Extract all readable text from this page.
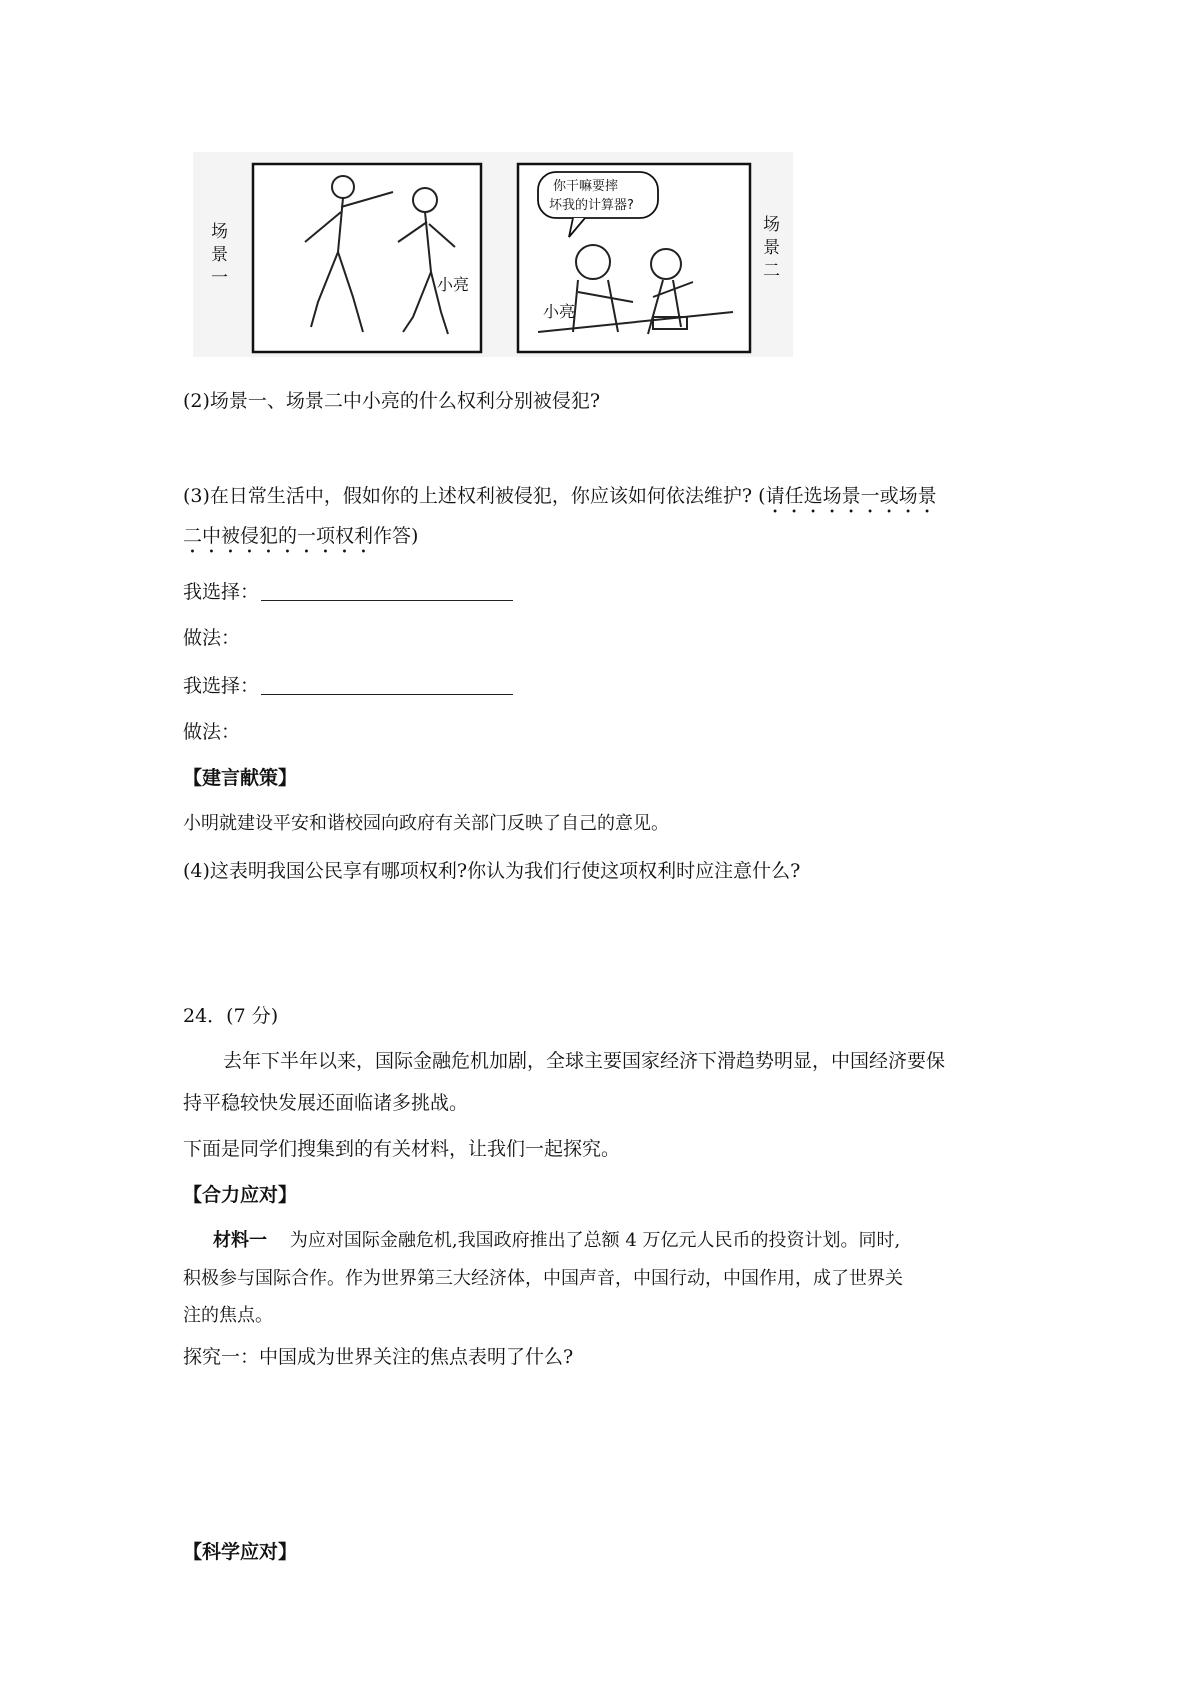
小亮
场
景
一
你干嘛要摔
坏我的计算器?
小亮
场
景
二
(2)场景一、场景二中小亮的什么权利分别被侵犯?
(3)在日常生活中，假如你的上述权利被侵犯，你应该如何依法维护? (请任选场景一或场景
二中被侵犯的一项权利作答)
我选择：
做法：
我选择：
做法：
【建言献策】
小明就建设平安和谐校园向政府有关部门反映了自己的意见。
(4)这表明我国公民享有哪项权利?你认为我们行使这项权利时应注意什么?
24．(7 分)
去年下半年以来，国际金融危机加剧，全球主要国家经济下滑趋势明显，中国经济要保
持平稳较快发展还面临诸多挑战。
下面是同学们搜集到的有关材料，让我们一起探究。
【合力应对】
材料一 为应对国际金融危机,我国政府推出了总额 4 万亿元人民币的投资计划。同时,
积极参与国际合作。作为世界第三大经济体，中国声音，中国行动，中国作用，成了世界关
注的焦点。
探究一：中国成为世界关注的焦点表明了什么?
【科学应对】
